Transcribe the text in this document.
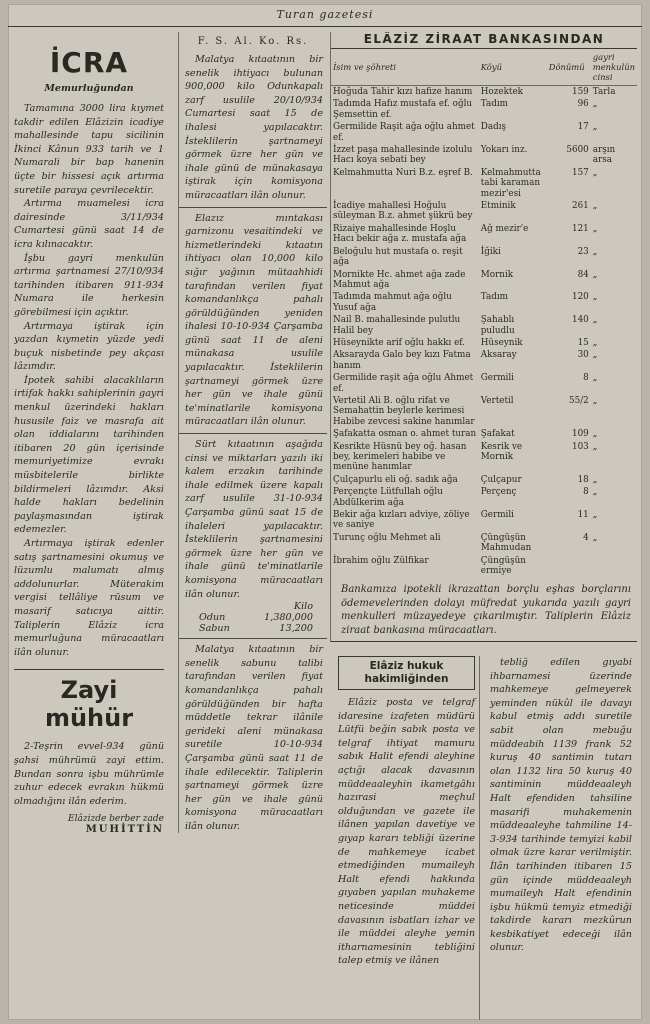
Turan gazetesi
İCRA
Memurluğundan

Tamamına 3000 lira kıymet takdir edilen Elâzizin icadiye mahallesinde tapu sicilinin İkinci Kânun 933 tarih ve 1 Numarali bir bap hanenin üçte bir hissesi açık artırma suretile paraya çevrilecektir.

Artırma muamelesi icra dairesinde 3/11/934 Cumartesi günü saat 14 de icra kılınacaktır.

İşbu gayri menkulün artırma şartnamesi 27/10/934 tarihinden itibaren 911-934 Numara ile herkesin görebilmesi için açıktır.

Artırmaya iştirak için yazdan kıymetin yüzde yedi buçuk nisbetinde pey akçası lâzımdır.

İpotek sahibi alacaklıların irtifak hakkı sahiplerinin gayri menkul üzerindeki hakları hususile faiz ve masrafa ait olan iddialarını tarihinden itibaren 20 gün içerisinde memuriyetimize evrakı müsbitelerile birlikte bildirmeleri lâzımdır. Aksi halde hakları bedelinin paylaşmasından iştirak edemezler.

Artırmaya iştirak edenler satış şartnamesini okumuş ve lüzumlu malumatı almış addolunurlar. Müterakim vergisi tellâliye rüsum ve masarif satıcıya aittir. Taliplerin Elâziz icra memurluğuna müracaatları ilân olunur.

Zayi mühür

2-Teşrin evvel-934 günü şahsi mührümü zayi ettim. Bundan sonra işbu mührümle zuhur edecek evrakın hükmü olmadığını ilân ederim.

Elâzizde berber zade
MUHİTTİN
F. S. Al. Ko. Rs.

Malatya kıtaatının bir senelik ihtiyacı bulunan 900,000 kilo Odunkapalı zarf usulile 20/10/934 Cumartesi saat 15 de ihalesi yapılacaktır. İsteklilerin şartnameyi görmek üzre her gün ve ihale günü de münakasaya iştirak için komisyona müracaatları ilân olunur.

Elazız mıntakası garnizonu vesaitindeki ve hizmetlerindeki kıtaatın ihtiyacı olan 10,000 kilo sığır yağının mütaahhidi tarafından verilen fiyat komandanlıkça pahalı görüldüğünden yeniden ihalesi 10-10-934 Çarşamba günü saat 11 de aleni münakasa usulile yapılacaktır. İsteklilerin şartnameyi görmek üzre her gün ve ihale günü te'minatlarile komisyona müracaatları ilân olunur.

Sürt kıtaatının aşağıda cinsi ve miktarları yazılı iki kalem erzakın tarihinde ihale edilmek üzere kapalı zarf usulile 31-10-934 Çarşamba günü saat 15 de ihaleleri yapılacaktır. İsteklilerin şartnamesini görmek üzre her gün ve ihale günü te'minatlarile komisyona müracaatları ilân olunur.

Kilo
Odun	1,380,000
Sabun	13,200

Malatya kıtaatının bir senelik sabunu talibi tarafından verilen fiyat komandanlıkça pahalı görüldüğünden bir hafta müddetle tekrar ilânile gerideki aleni münakasa suretile 10-10-934 Çarşamba günü saat 11 de ihale edilecektir. Taliplerin şartnameyi görmek üzre her gün ve ihale günü komisyona müracaatları ilân olunur.

ELÂZİZ ZİRAAT BANKASINDAN
İsim ve şöhreti	Köyü	Dönümü	gayri menkulün cinsi
Hoğuda Tahir kızı hafize hanım	Hozektek	159	Tarla
Tadımda Hafız mustafa ef. oğlu Şemsettin ef.	Tadım	96	„
Germilide Raşit ağa oğlu ahmet ef.	Dadış	17	„
İzzet paşa mahallesinde izolulu Hacı koya sebati bey	Yokarı inz.	5600	arşın arsa
Kelmahmutta Nuri B.z. eşref B.	Kelmahmutta tabi karaman mezir'esi	157	„
İcadiye mahallesi Hoğulu süleyman B.z. ahmet şükrü bey	Etminik	261	„
Rizaiye mahallesinde Hoşlu Hacı bekir ağa z. mustafa ağa	Ağ mezir'e	121	„
Beloğulu hut mustafa o. reşit ağa	İğiki	23	„
Mornikte Hc. ahmet ağa zade Mahmut ağa	Mornik	84	„
Tadımda mahmut ağa oğlu Yusuf ağa	Tadım	120	„
Nail B. mahallesinde pulutlu Halil bey	Şahablı puludlu	140	„
Hüseynikte arif oğlu hakkı ef.	Hüseynik	15	„
Aksarayda Galo bey kızı Fatma hanım	Aksaray	30	„
Germilide raşit ağa oğlu Ahmet ef.	Germili	8	„
Vertetil Ali B. oğlu rifat ve Semahattin beylerle kerimesi Habibe zevcesi sakine hanımlar	Vertetil	55/2	„
Şafakatta osman o. ahmet turan	Şafakat	109	„
Kesrikte Hüsnü bey oğ. hasan bey, kerimeleri habibe ve menüne hanımlar	Kesrik ve Mornik	103	„
Çulçapurlu eli oğ. sadık ağa	Çulçapur	18	„
Perçençte Lütfullah oğlu Abdülkerim ağa	Perçenç	8	„
Bekir ağa kızları adviye, zöliye ve saniye	Germili	11	„
Turunç oğlu Mehmet ali	Çüngüşün Mahmudan	4	„
İbrahim oğlu Zülfikar	Çüngüşün ermiye		
Bankamıza ipotekli ikrazattan borçlu eşhas borçlarını ödemevelerinden dolayı müfredat yukarıda yazılı gayri menkulleri müzayedeye çıkarılmıştır. Taliplerin Elâziz ziraat bankasına müracaatları.
Elâziz hukuk hakimliğinden

Elâziz posta ve telgraf idaresine izafeten müdürü Lütfü beğin sabık posta ve telgraf ihtiyat mamuru sabık Halit efendi aleyhine açtığı alacak davasının müddeaaleyhin ikametgâhı hazırasi meçhul olduğundan ve gazete ile ilânen yapılan davetiye ve gıyap kararı tebliği üzerine de mahkemeye icabet etmediğinden mumaileyh Halt efendi hakkında gıyaben yapılan muhakeme neticesinde müddei davasının isbatları izhar ve ile müddei aleyhe yemin itharnamesinin tebliğini talep etmiş ve ilânen

tebliğ edilen gıyabi ihbarnamesi üzerinde mahkemeye gelmeyerek yeminden nükûl ile davayı kabul etmiş addı suretile sabit olan mebuğu müddeabih 1139 frank 52 kuruş 40 santimin tutarı olan 1132 lira 50 kuruş 40 santiminin müddeaaleyh Halt efendiden tahsiline masarifi muhakemenin müddeaaleyhe tahmiline 14-3-934 tarihinde temyizi kabil olmak üzre karar verilmiştir. İlân tarihinden itibaren 15 gün içinde müddeaaleyh mumaileyh Halt efendinin işbu hükmü temyiz etmediği takdirde kararı mezkûrun kesbikatiyet edeceği ilân olunur.
